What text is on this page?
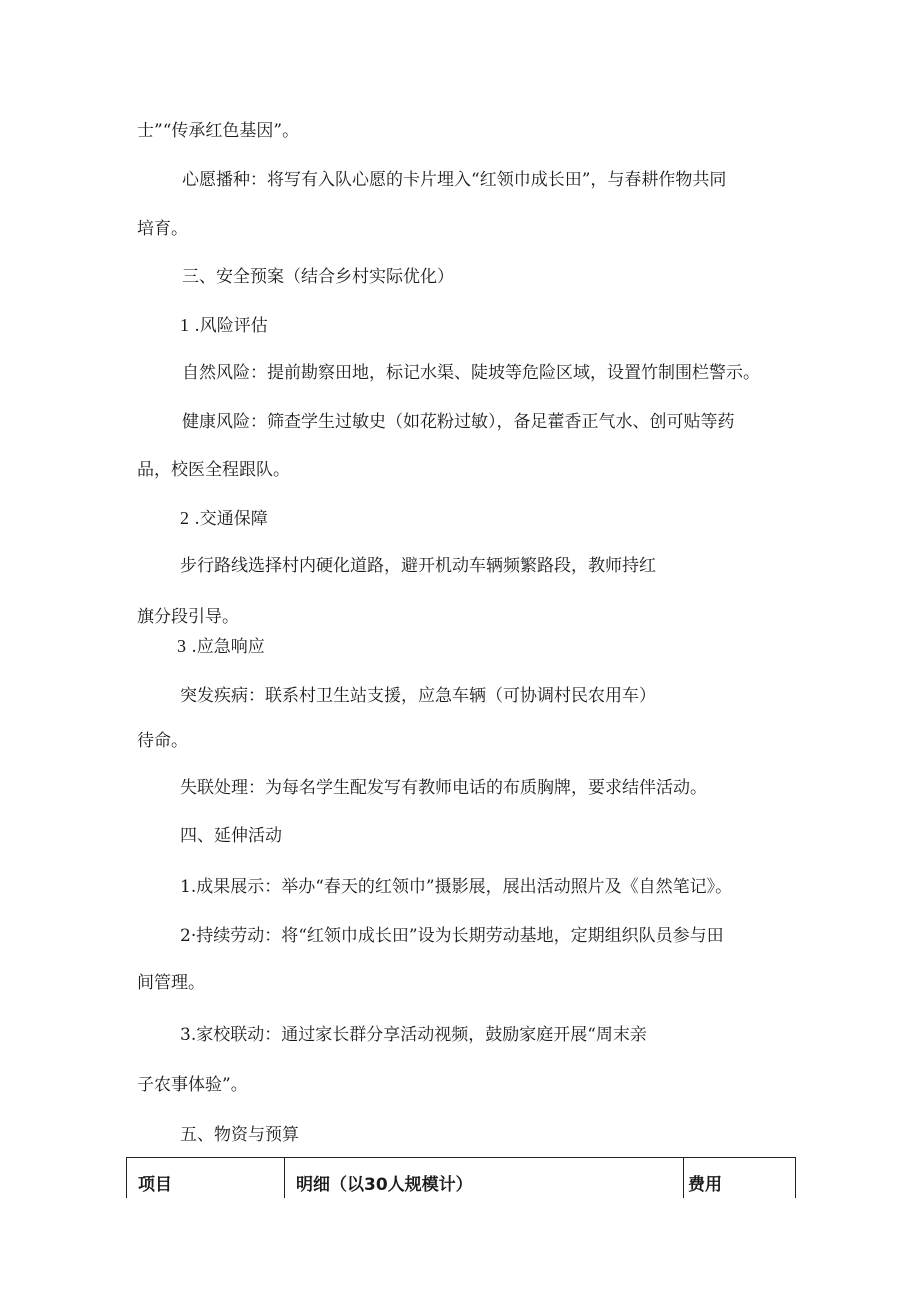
士”“传承红色基因”。
心愿播种：将写有入队心愿的卡片埋入“红领巾成长田”，与春耕作物共同
培育。
三、安全预案（结合乡村实际优化）
1 .风险评估
自然风险：提前勘察田地，标记水渠、陡坡等危险区域，设置竹制围栏警示。
健康风险：筛查学生过敏史（如花粉过敏），备足藿香正气水、创可贴等药
品，校医全程跟队。
2 .交通保障
步行路线选择村内硬化道路，避开机动车辆频繁路段，教师持红
旗分段引导。
3 .应急响应
突发疾病：联系村卫生站支援，应急车辆（可协调村民农用车）
待命。
失联处理：为每名学生配发写有教师电话的布质胸牌，要求结伴活动。
四、延伸活动
1.成果展示：举办“春天的红领巾”摄影展，展出活动照片及《自然笔记》。
2·持续劳动：将“红领巾成长田”设为长期劳动基地，定期组织队员参与田
间管理。
3.家校联动：通过家长群分享活动视频，鼓励家庭开展“周末亲
子农事体验”。
五、物资与预算
项目	明细（以30人规模计）	费用
